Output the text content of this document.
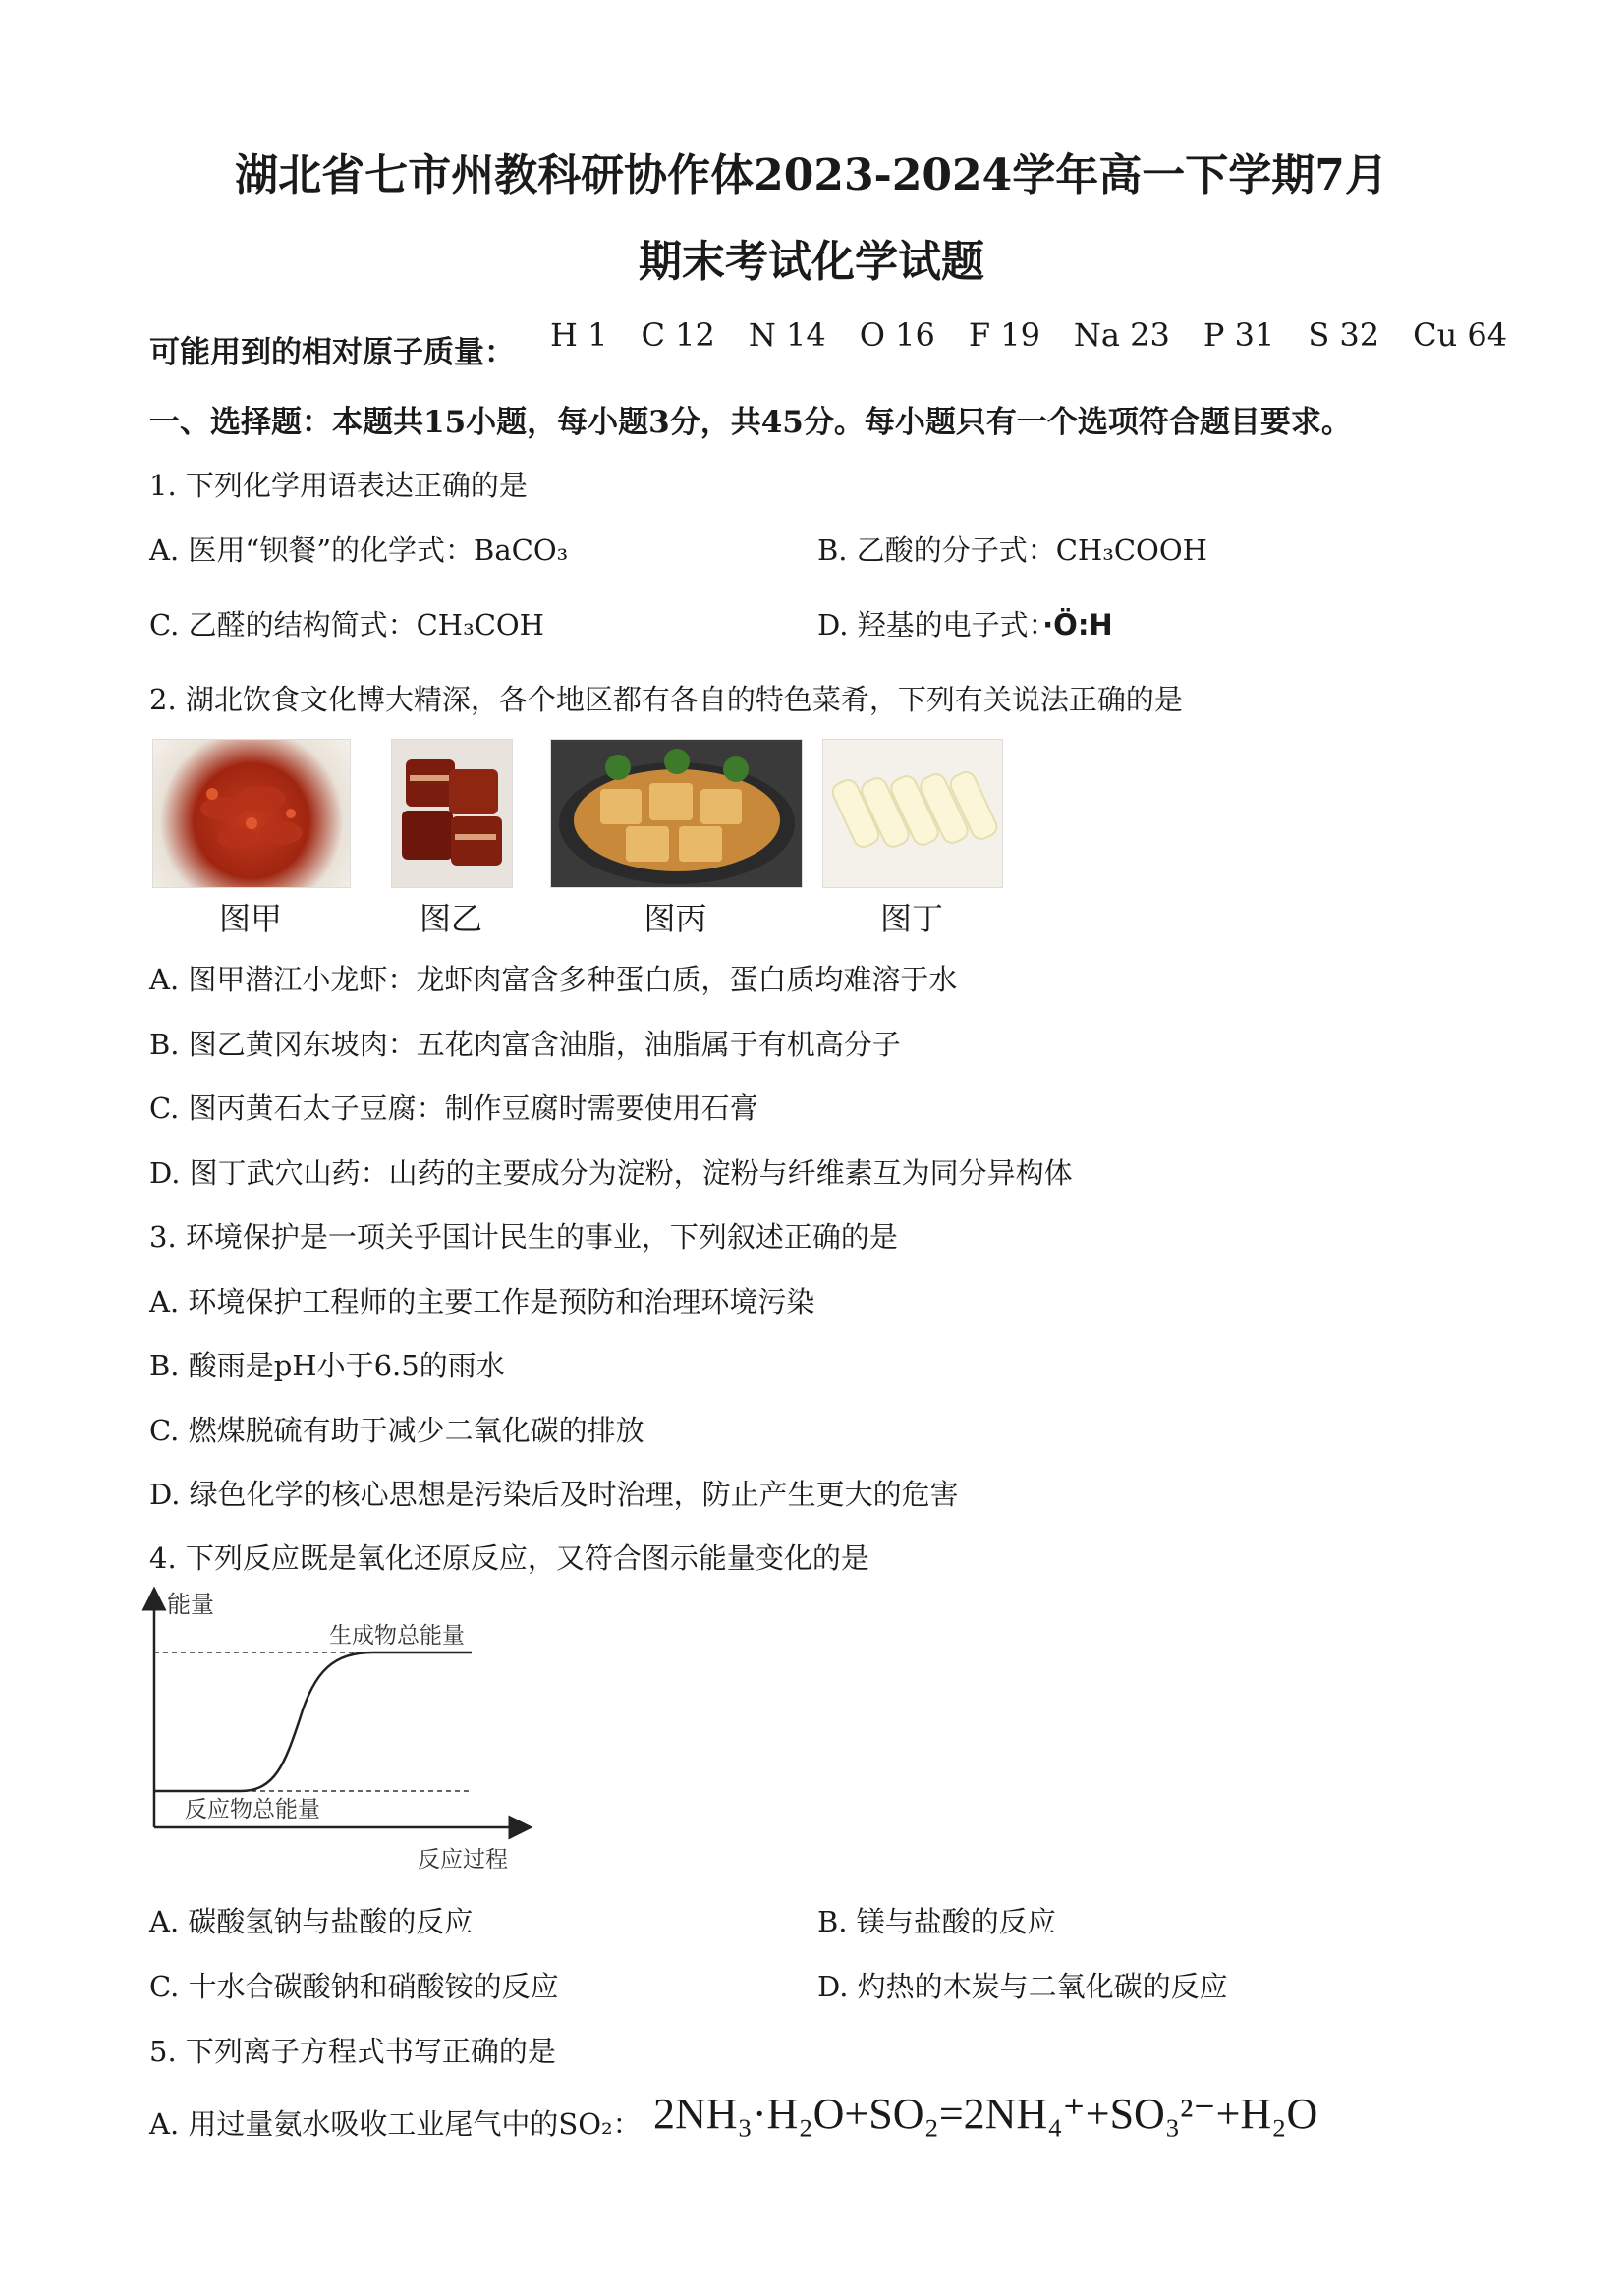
湖北省七市州教科研协作体2023-2024学年高一下学期7月
期末考试化学试题
可能用到的相对原子质量： H 1 C 12 N 14 O 16 F 19 Na 23 P 31 S 32 Cu 64
一、选择题：本题共15小题，每小题3分，共45分。每小题只有一个选项符合题目要求。
1. 下列化学用语表达正确的是
A. 医用“钡餐”的化学式：BaCO₃	B. 乙酸的分子式：CH₃COOH
C. 乙醛的结构简式：CH₃COH	D. 羟基的电子式：·Ö:H
2. 湖北饮食文化博大精深，各个地区都有各自的特色菜肴，下列有关说法正确的是
图甲	图乙	图丙	图丁
A. 图甲潜江小龙虾：龙虾肉富含多种蛋白质，蛋白质均难溶于水
B. 图乙黄冈东坡肉：五花肉富含油脂，油脂属于有机高分子
C. 图丙黄石太子豆腐：制作豆腐时需要使用石膏
D. 图丁武穴山药：山药的主要成分为淀粉，淀粉与纤维素互为同分异构体
3. 环境保护是一项关乎国计民生的事业，下列叙述正确的是
A. 环境保护工程师的主要工作是预防和治理环境污染
B. 酸雨是pH小于6.5的雨水
C. 燃煤脱硫有助于减少二氧化碳的排放
D. 绿色化学的核心思想是污染后及时治理，防止产生更大的危害
4. 下列反应既是氧化还原反应，又符合图示能量变化的是
能量
生成物总能量
反应物总能量
反应过程
A. 碳酸氢钠与盐酸的反应	B. 镁与盐酸的反应
C. 十水合碳酸钠和硝酸铵的反应	D. 灼热的木炭与二氧化碳的反应
5. 下列离子方程式书写正确的是
A. 用过量氨水吸收工业尾气中的SO₂： 2NH₃·H₂O+SO₂=2NH₄⁺+SO₃²⁻+H₂O
